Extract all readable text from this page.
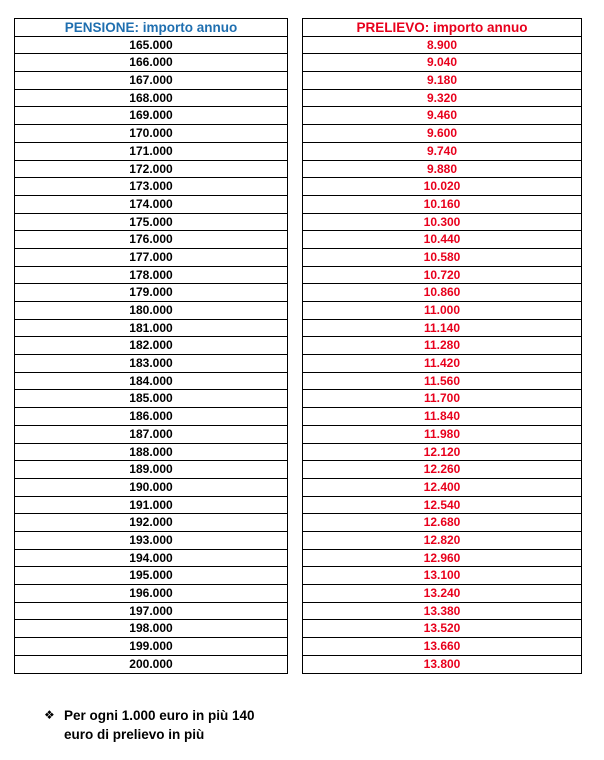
PENSIONE: importo annuo
165.000
166.000
167.000
168.000
169.000
170.000
171.000
172.000
173.000
174.000
175.000
176.000
177.000
178.000
179.000
180.000
181.000
182.000
183.000
184.000
185.000
186.000
187.000
188.000
189.000
190.000
191.000
192.000
193.000
194.000
195.000
196.000
197.000
198.000
199.000
200.000
PRELIEVO: importo annuo
8.900
9.040
9.180
9.320
9.460
9.600
9.740
9.880
10.020
10.160
10.300
10.440
10.580
10.720
10.860
11.000
11.140
11.280
11.420
11.560
11.700
11.840
11.980
12.120
12.260
12.400
12.540
12.680
12.820
12.960
13.100
13.240
13.380
13.520
13.660
13.800
❖ Per ogni 1.000 euro in più 140
euro di prelievo in più
